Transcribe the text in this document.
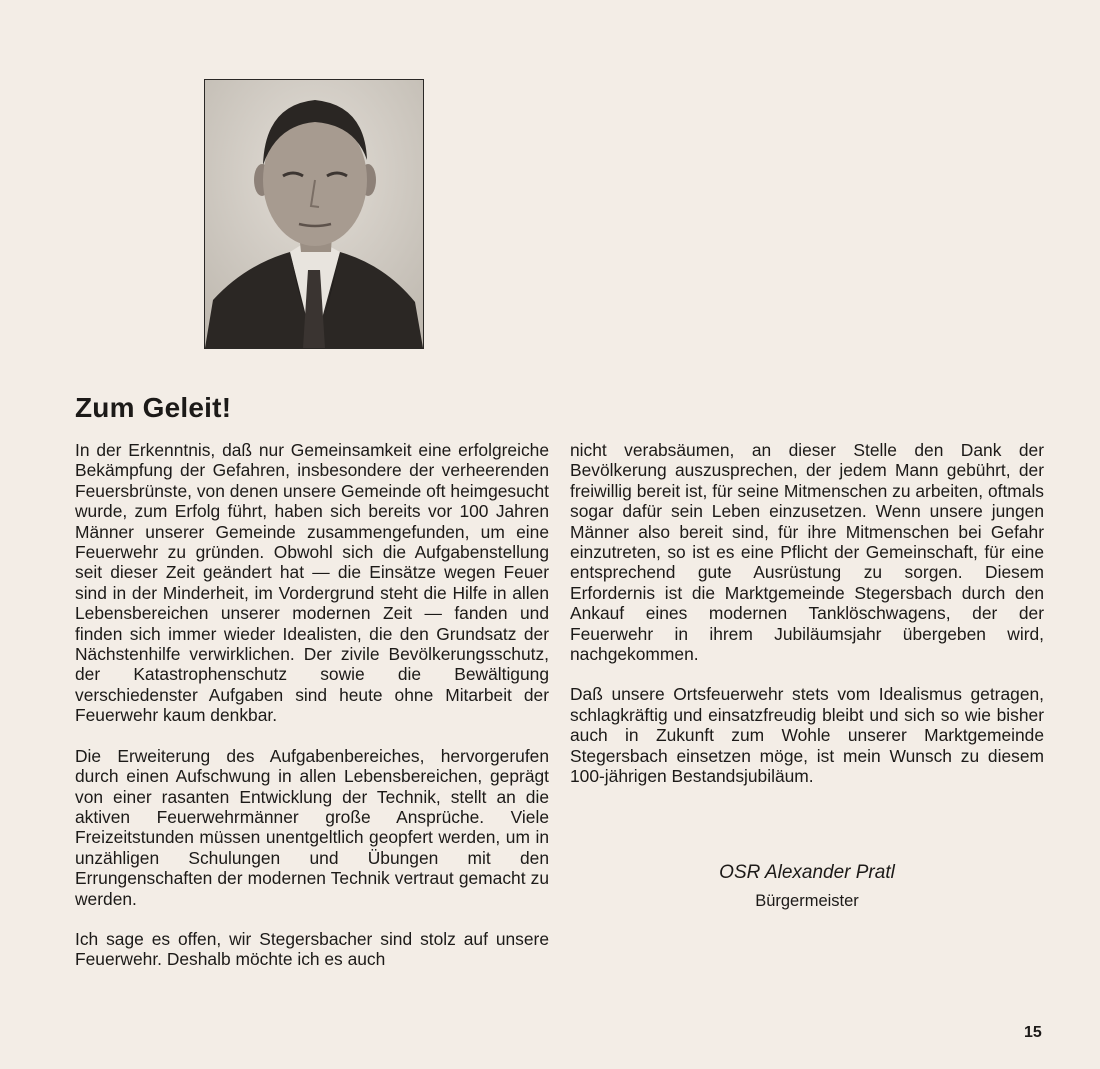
Zum Geleit!

In der Erkenntnis, daß nur Gemeinsamkeit eine erfolgreiche Bekämpfung der Gefahren, insbesondere der verheerenden Feuersbrünste, von denen unsere Gemeinde oft heimgesucht wurde, zum Erfolg führt, haben sich bereits vor 100 Jahren Männer unserer Gemeinde zusammengefunden, um eine Feuerwehr zu gründen. Obwohl sich die Aufgabenstellung seit dieser Zeit geändert hat — die Einsätze wegen Feuer sind in der Minderheit, im Vordergrund steht die Hilfe in allen Lebensbereichen unserer modernen Zeit — fanden und finden sich immer wieder Idealisten, die den Grundsatz der Nächstenhilfe verwirklichen. Der zivile Bevölkerungsschutz, der Katastrophenschutz sowie die Bewältigung verschiedenster Aufgaben sind heute ohne Mitarbeit der Feuerwehr kaum denkbar.

Die Erweiterung des Aufgabenbereiches, hervorgerufen durch einen Aufschwung in allen Lebensbereichen, geprägt von einer rasanten Entwicklung der Technik, stellt an die aktiven Feuerwehrmänner große Ansprüche. Viele Freizeitstunden müssen unentgeltlich geopfert werden, um in unzähligen Schulungen und Übungen mit den Errungenschaften der modernen Technik vertraut gemacht zu werden.

Ich sage es offen, wir Stegersbacher sind stolz auf unsere Feuerwehr. Deshalb möchte ich es auch

nicht verabsäumen, an dieser Stelle den Dank der Bevölkerung auszusprechen, der jedem Mann gebührt, der freiwillig bereit ist, für seine Mitmenschen zu arbeiten, oftmals sogar dafür sein Leben einzusetzen. Wenn unsere jungen Männer also bereit sind, für ihre Mitmenschen bei Gefahr einzutreten, so ist es eine Pflicht der Gemeinschaft, für eine entsprechend gute Ausrüstung zu sorgen. Diesem Erfordernis ist die Marktgemeinde Stegersbach durch den Ankauf eines modernen Tanklöschwagens, der der Feuerwehr in ihrem Jubiläumsjahr übergeben wird, nachgekommen.

Daß unsere Ortsfeuerwehr stets vom Idealismus getragen, schlagkräftig und einsatzfreudig bleibt und sich so wie bisher auch in Zukunft zum Wohle unserer Marktgemeinde Stegersbach einsetzen möge, ist mein Wunsch zu diesem 100-jährigen Bestandsjubiläum.

OSR Alexander Pratl
Bürgermeister
15
